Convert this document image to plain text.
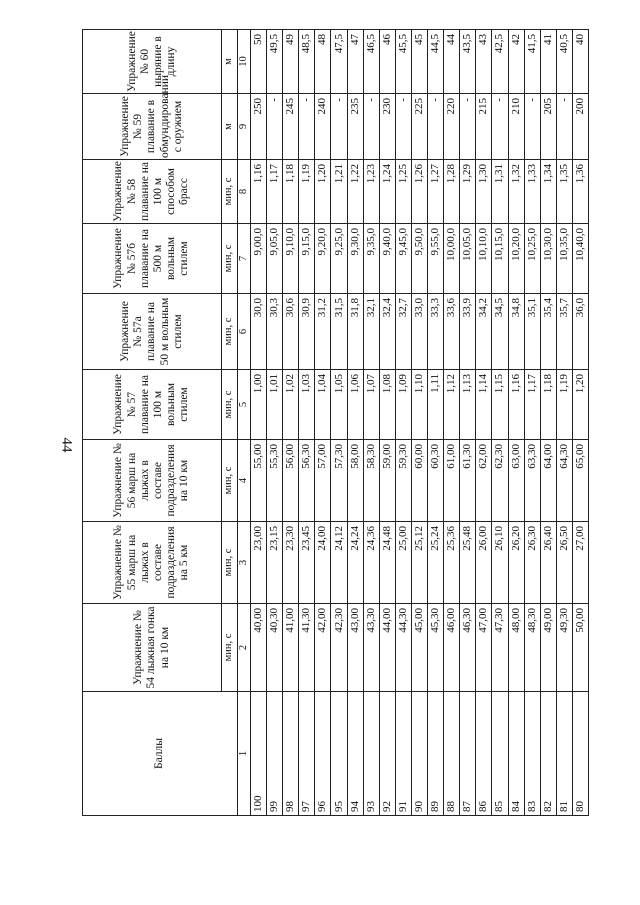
44
Баллы	Упражнение № 54 лыжная гонка на 10 км	Упражнение № 55 марш на лыжах в составе подразделения на 5 км	Упражнение № 56 марш на лыжах в составе подразделения на 10 км	Упражнение № 57 плавание на 100 м вольным стилем	Упражнение № 57а плавание на 50 м вольным стилем	Упражнение № 57б плавание на 500 м вольным стилем	Упражнение № 58 плавание на 100 м способом брасс	Упражнение № 59 плавание в обмундировании с оружием	Упражнение № 60 ныряние в длину
	мин, с	мин, с	мин, с	мин, с	мин, с	мин, с	мин, с	м	м
1	2	3	4	5	6	7	8	9	10
100	40,00	23,00	55,00	1,00	30,0	9,00,0	1,16	250	50
99	40,30	23,15	55,30	1,01	30,3	9,05,0	1,17	-	49,5
98	41,00	23,30	56,00	1,02	30,6	9,10,0	1,18	245	49
97	41,30	23,45	56,30	1,03	30,9	9,15,0	1,19	-	48,5
96	42,00	24,00	57,00	1,04	31,2	9,20,0	1,20	240	48
95	42,30	24,12	57,30	1,05	31,5	9,25,0	1,21	-	47,5
94	43,00	24,24	58,00	1,06	31,8	9,30,0	1,22	235	47
93	43,30	24,36	58,30	1,07	32,1	9,35,0	1,23	-	46,5
92	44,00	24,48	59,00	1,08	32,4	9,40,0	1,24	230	46
91	44,30	25,00	59,30	1,09	32,7	9,45,0	1,25	-	45,5
90	45,00	25,12	60,00	1,10	33,0	9,50,0	1,26	225	45
89	45,30	25,24	60,30	1,11	33,3	9,55,0	1,27	-	44,5
88	46,00	25,36	61,00	1,12	33,6	10,00,0	1,28	220	44
87	46,30	25,48	61,30	1,13	33,9	10,05,0	1,29	-	43,5
86	47,00	26,00	62,00	1,14	34,2	10,10,0	1,30	215	43
85	47,30	26,10	62,30	1,15	34,5	10,15,0	1,31	-	42,5
84	48,00	26,20	63,00	1,16	34,8	10,20,0	1,32	210	42
83	48,30	26,30	63,30	1,17	35,1	10,25,0	1,33	-	41,5
82	49,00	26,40	64,00	1,18	35,4	10,30,0	1,34	205	41
81	49,30	26,50	64,30	1,19	35,7	10,35,0	1,35	-	40,5
80	50,00	27,00	65,00	1,20	36,0	10,40,0	1,36	200	40
